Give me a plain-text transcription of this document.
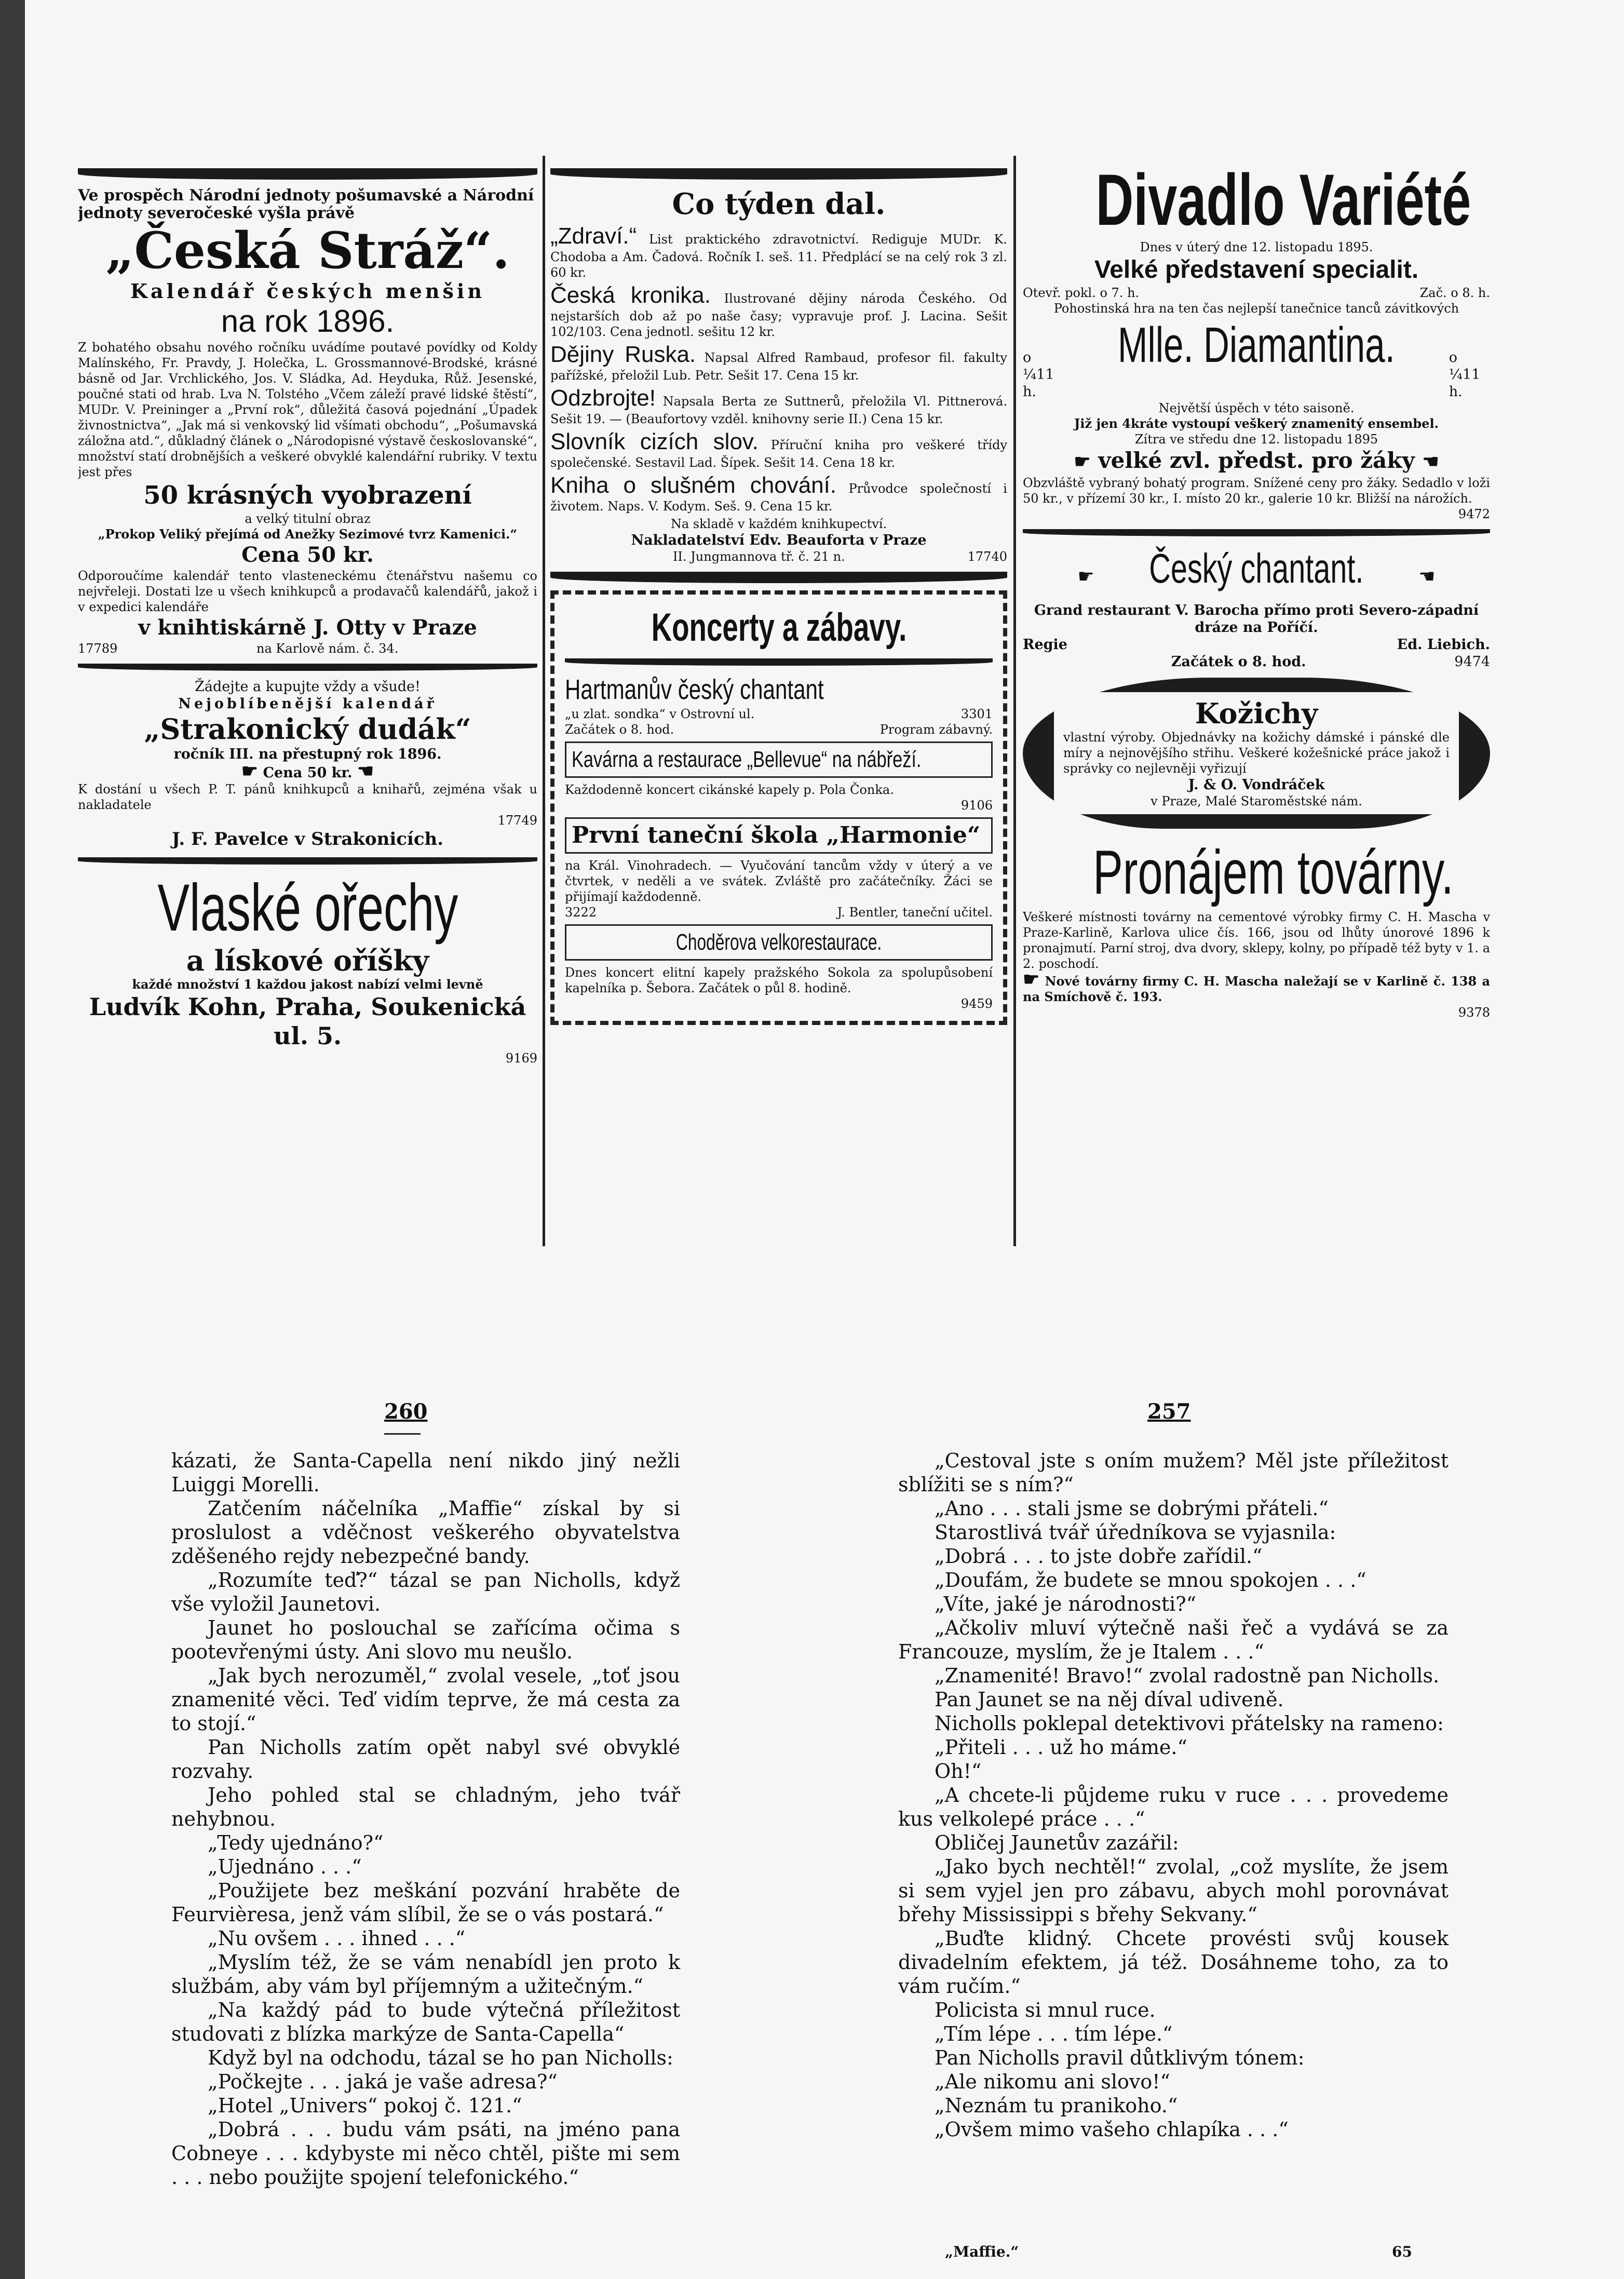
Ve prospěch Národní jednoty pošumavské a Národní jednoty severočeské vyšla právě

„Česká Stráž“.

Kalendář českých menšin

na rok 1896.

Z bohatého obsahu nového ročníku uvádíme poutavé povídky od Koldy Malínského, Fr. Pravdy, J. Holečka, L. Grossmannové-Brodské, krásné básně od Jar. Vrchlického, Jos. V. Sládka, Ad. Heyduka, Růž. Jesenské, poučné stati od hrab. Lva N. Tolstého „Včem záleží pravé lidské štěstí“, MUDr. V. Preininger a „První rok“, důležitá časová pojednání „Úpadek živnostnictva“, „Jak má si venkovský lid všímati obchodu“, „Pošumavská záložna atd.“, důkladný článek o „Národopisné výstavě českoslovanské“, množství statí drobnějších a veškeré obvyklé kalendářní rubriky. V textu jest přes

50 krásných vyobrazení

a velký titulní obraz

„Prokop Veliký přejímá od Anežky Sezimové tvrz Kamenici.“

Cena 50 kr.

Odporoučíme kalendář tento vlasteneckému čtenářstvu našemu co nejvřeleji. Dostati lze u všech knihkupců a prodavačů kalendářů, jakož i v expedici kalendáře

v knihtiskárně J. Otty v Praze

17789	na Karlově nám. č. 34.

Žádejte a kupujte vždy a všude!

Nejoblíbenější kalendář

„Strakonický dudák“

ročník III. na přestupný rok 1896.

☛ Cena 50 kr. ☚

K dostání u všech P. T. pánů knihkupců a knihařů, zejména však u nakladatele

17749

J. F. Pavelce v Strakonicích.

Vlaské ořechy

a lískové oříšky

každé množství 1 každou jakost nabízí velmi levně

Ludvík Kohn, Praha, Soukenická ul. 5.

9169

Co týden dal.

„Zdraví.“ List praktického zdravotnictví. Rediguje MUDr. K. Chodoba a Am. Čadová. Ročník I. seš. 11. Předplácí se na celý rok 3 zl. 60 kr.

Česká kronika. Ilustrované dějiny národa Českého. Od nejstarších dob až po naše časy; vypravuje prof. J. Lacina. Sešit 102/103. Cena jednotl. sešitu 12 kr.

Dějiny Ruska. Napsal Alfred Rambaud, profesor fil. fakulty pařížské, přeložil Lub. Petr. Sešit 17. Cena 15 kr.

Odzbrojte! Napsala Berta ze Suttnerů, přeložila Vl. Pittnerová. Sešit 19. — (Beaufortovy vzděl. knihovny serie II.) Cena 15 kr.

Slovník cizích slov. Příruční kniha pro veškeré třídy společenské. Sestavil Lad. Šípek. Sešit 14. Cena 18 kr.

Kniha o slušném chování. Průvodce společností i životem. Naps. V. Kodym. Seš. 9. Cena 15 kr.

Na skladě v každém knihkupectví.

Nakladatelství Edv. Beauforta v Praze

II. Jungmannova tř. č. 21 n.	17740

Koncerty a zábavy.

Hartmanův český chantant

„u zlat. sondka“ v Ostrovní ul.	3301
Začátek o 8. hod.	Program zábavný.

Kavárna a restaurace „Bellevue“ na nábřeží.

Každodenně koncert cikánské kapely p. Pola Čonka.

9106

První taneční škola „Harmonie“

na Král. Vinohradech. — Vyučování tancům vždy v úterý a ve čtvrtek, v neděli a ve svátek. Zvláště pro začátečníky. Žáci se přijímají každodenně.

3222	J. Bentler, taneční učitel.

Choděrova velkorestaurace.

Dnes koncert elitní kapely pražského Sokola za spolupůsobení kapelníka p. Šebora. Začátek o půl 8. hodině.

9459

Divadlo Variété

Dnes v úterý dne 12. listopadu 1895.

Velké představení specialit.

Otevř. pokl. o 7. h.	Zač. o 8. h.

Pohostinská hra na ten čas nejlepší tanečnice tanců závitkových

o ¼11 h.
Mlle. Diamantina.	o ¼11 h.

Největší úspěch v této saisoně.

Již jen 4kráte vystoupí veškerý znamenitý ensembel.

Zítra ve středu dne 12. listopadu 1895

☛ velké zvl. předst. pro žáky ☚

Obzvláště vybraný bohatý program. Snížené ceny pro žáky. Sedadlo v loži 50 kr., v přízemí 30 kr., I. místo 20 kr., galerie 10 kr. Bližší na nárožích.

9472

☛ Český chantant.	☚

Grand restaurant V. Barocha přímo proti Severo-západní dráze na Poříčí.

Regie	Ed. Liebich.
Začátek o 8. hod.	9474

Kožichy

vlastní výroby. Objednávky na kožichy dámské i pánské dle míry a nejnovějšího střihu. Veškeré kožešnické práce jakož i správky co nejlevněji vyřizují

J. & O. Vondráček

v Praze, Malé Staroměstské nám.

Pronájem továrny.

Veškeré místnosti továrny na cementové výrobky firmy C. H. Mascha v Praze-Karlině, Karlova ulice čís. 166, jsou od lhůty únorové 1896 k pronajmutí. Parní stroj, dva dvory, sklepy, kolny, po případě též byty v 1. a 2. poschodí.

☛ Nové továrny firmy C. H. Mascha naležají se v Karlině č. 138 a na Smíchově č. 193.

9378

260	257

kázati, že Santa-Capella není nikdo jiný nežli Luiggi Morelli.

Zatčením náčelníka „Maffie“ získal by si proslulost a vděčnost veškerého obyvatelstva zděšeného rejdy nebezpečné bandy.

„Rozumíte teď?“ tázal se pan Nicholls, když vše vyložil Jaunetovi.

Jaunet ho poslouchal se zařícíma očima s pootevřenými ústy. Ani slovo mu neušlo.

„Jak bych nerozuměl,“ zvolal vesele, „toť jsou znamenité věci. Teď vidím teprve, že má cesta za to stojí.“

Pan Nicholls zatím opět nabyl své obvyklé rozvahy.

Jeho pohled stal se chladným, jeho tvář nehybnou.

„Tedy ujednáno?“

„Ujednáno . . .“

„Použijete bez meškání pozvání hraběte de Feurvièresa, jenž vám slíbil, že se o vás postará.“

„Nu ovšem . . . ihned . . .“

„Myslím též, že se vám nenabídl jen proto k službám, aby vám byl příjemným a užitečným.“

„Na každý pád to bude výtečná příležitost studovati z blízka markýze de Santa-Capella“

Když byl na odchodu, tázal se ho pan Nicholls:

„Počkejte . . . jaká je vaše adresa?“

„Hotel „Univers“ pokoj č. 121.“

„Dobrá . . . budu vám psáti, na jméno pana Cobneye . . . kdybyste mi něco chtěl, pište mi sem . . . nebo použijte spojení telefonického.“

„Cestoval jste s oním mužem? Měl jste příležitost sblížiti se s ním?“

„Ano . . . stali jsme se dobrými přáteli.“

Starostlivá tvář úředníkova se vyjasnila:

„Dobrá . . . to jste dobře zařídil.“

„Doufám, že budete se mnou spokojen . . .“

„Víte, jaké je národnosti?“

„Ačkoliv mluví výtečně naši řeč a vydává se za Francouze, myslím, že je Italem . . .“

„Znamenité! Bravo!“ zvolal radostně pan Nicholls.

Pan Jaunet se na něj díval udiveně.

Nicholls poklepal detektivovi přátelsky na rameno:

„Přiteli . . . už ho máme.“

Oh!“

„A chcete-li půjdeme ruku v ruce . . . provedeme kus velkolepé práce . . .“

Obličej Jaunetův zazářil:

„Jako bych nechtěl!“ zvolal, „což myslíte, že jsem si sem vyjel jen pro zábavu, abych mohl porovnávat břehy Mississippi s břehy Sekvany.“

„Buďte klidný. Chcete provésti svůj kousek divadelním efektem, já též. Dosáhneme toho, za to vám ručím.“

Policista si mnul ruce.

„Tím lépe . . . tím lépe.“

Pan Nicholls pravil důtklivým tónem:

„Ale nikomu ani slovo!“

„Neznám tu pranikoho.“

„Ovšem mimo vašeho chlapíka . . .“

„Maffie.“	65
